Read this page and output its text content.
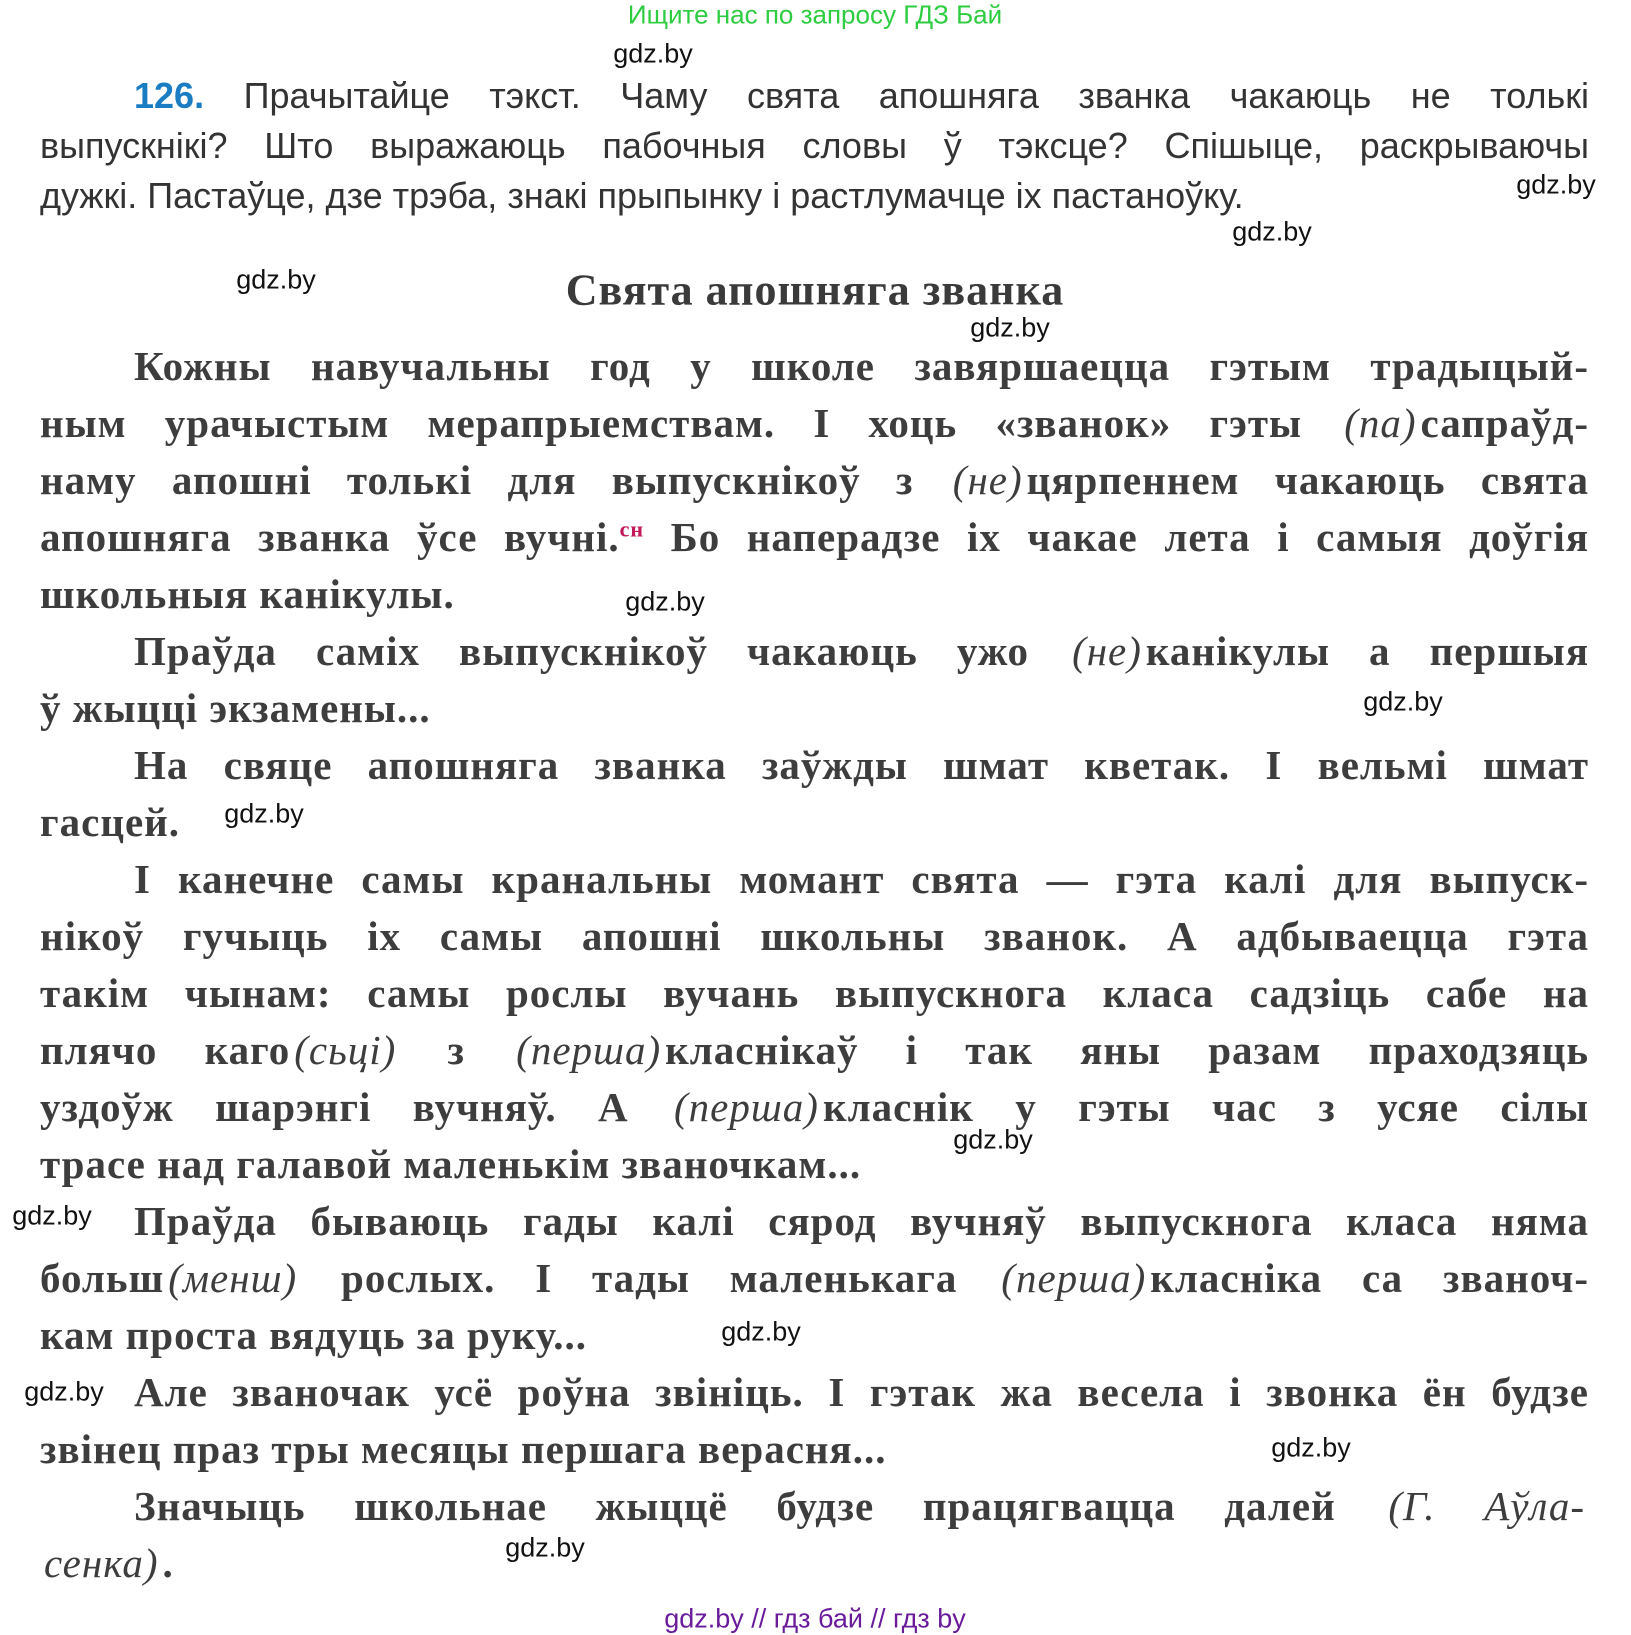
Ищите нас по запросу ГДЗ Бай
126. Прачытайце тэкст. Чаму свята апошняга званка чакаюць не толькі
выпускнікі? Што выражаюць пабочныя словы ў тэксце? Спішыце, раскрываючы
дужкі. Пастаўце, дзе трэба, знакі прыпынку і растлумачце іх пастаноўку.
Свята апошняга званка
Кожны навучальны год у школе завяршаецца гэтым традыцый-
ным урачыстым мерапрыемствам. І хоць «званок» гэты (па)сапраўд-
наму апошні толькі для выпускнікоў з (не)цярпеннем чакаюць свята
апошняга званка ўсе вучні.$^{сн}$ Бо наперадзе іх чакае лета і самыя доўгія
школьныя канікулы.
Праўда саміх выпускнікоў чакаюць ужо (не)канікулы а першыя
ў жыцці экзамены...
На свяце апошняга званка заўжды шмат кветак. І вельмі шмат
гасцей.
І канечне самы кранальны момант свята — гэта калі для выпуск-
нікоў гучыць іх самы апошні школьны званок. А адбываецца гэта
такім чынам: самы рослы вучань выпускнога класа садзіць сабе на
плячо каго(сьці) з (перша)класнікаў і так яны разам праходзяць
уздоўж шарэнгі вучняў. А (перша)класнік у гэты час з усяе сілы
трасе над галавой маленькім званочкам...
Праўда бываюць гады калі сярод вучняў выпускнога класа няма
больш(менш) рослых. І тады маленькага (перша)класніка са званоч-
кам проста вядуць за руку...
Але званочак усё роўна звініць. І гэтак жа весела і звонка ён будзе
звінец праз тры месяцы першага верасня...
Значыць школьнае жыццё будзе працягвацца далей (Г. Аўла-
сенка).
gdz.by // гдз бай // гдз by
gdz.by
gdz.by
gdz.by
gdz.by
gdz.by
gdz.by
gdz.by
gdz.by
gdz.by
gdz.by
gdz.by
gdz.by
gdz.by
gdz.by
